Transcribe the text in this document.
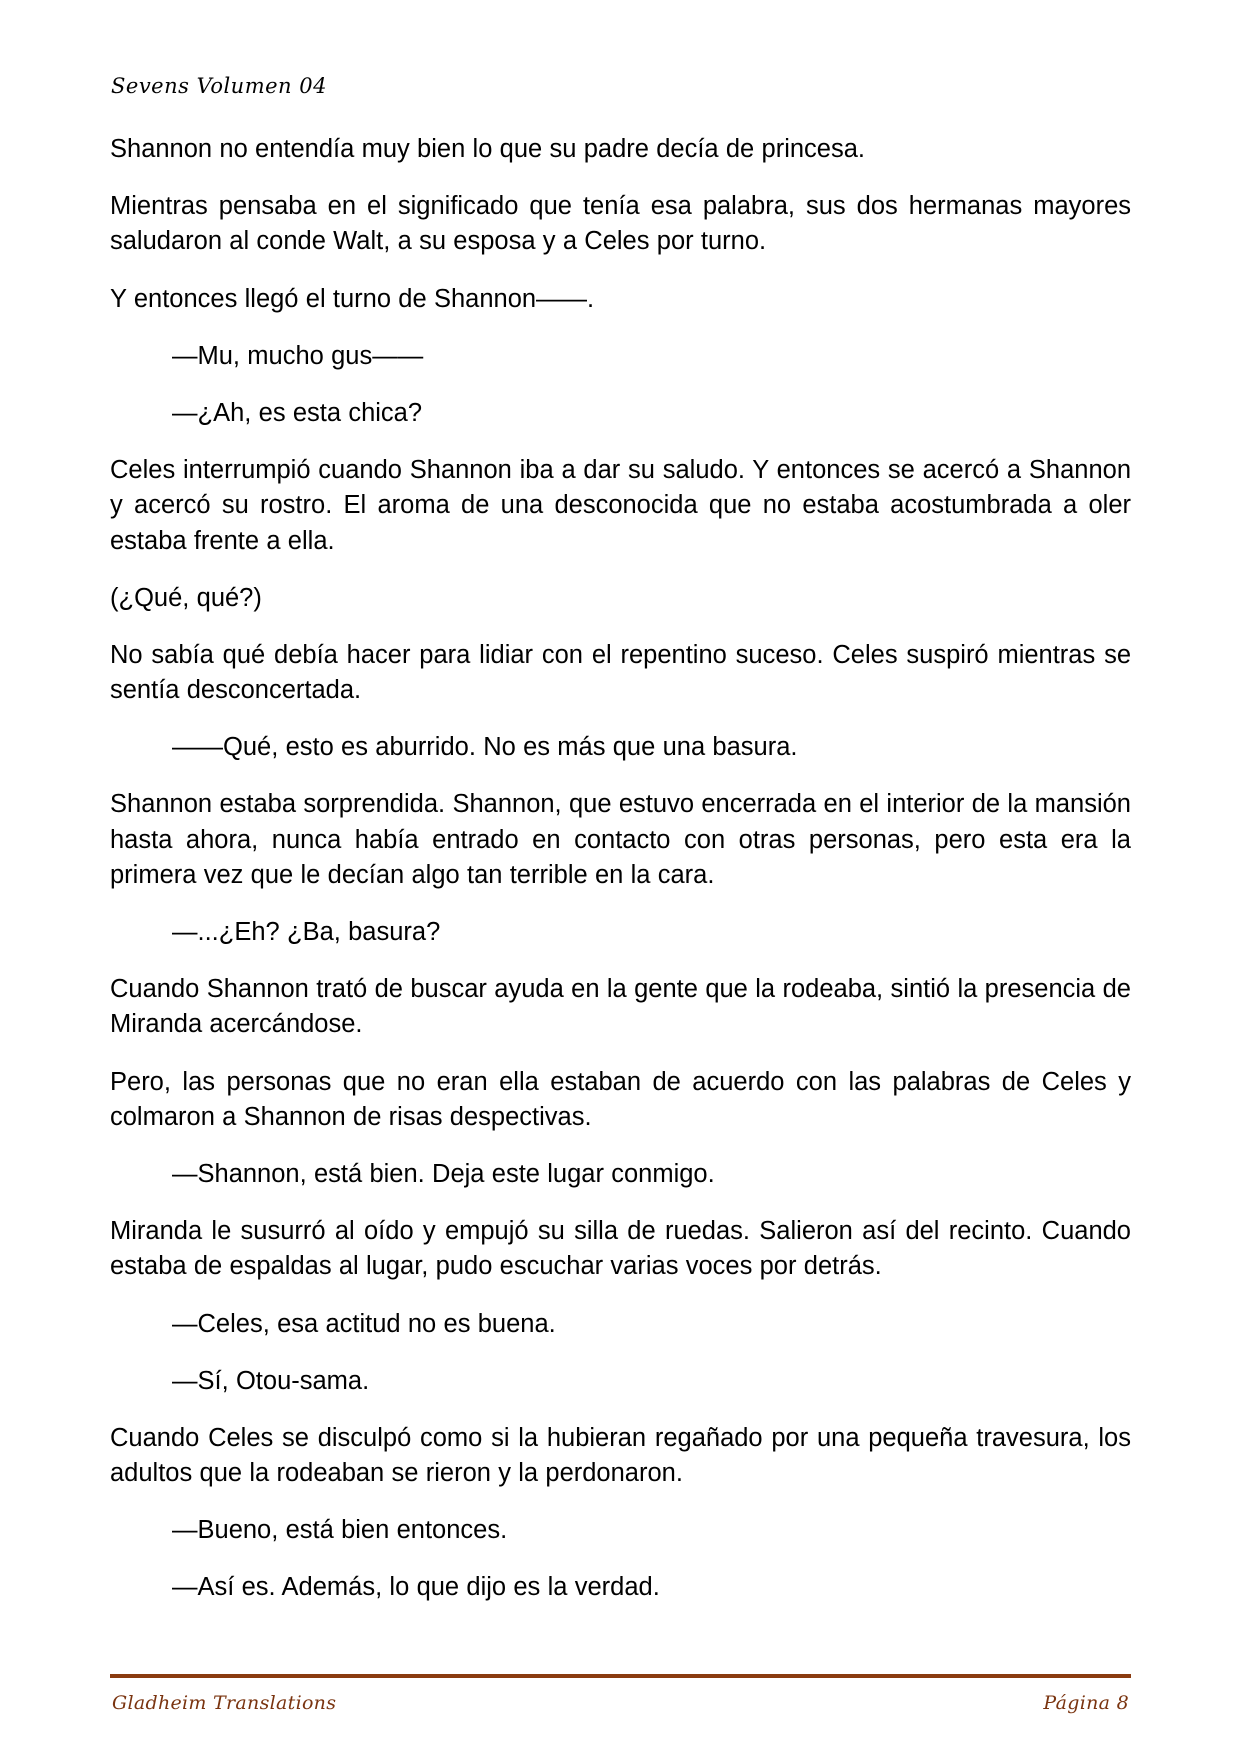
Sevens Volumen 04

Shannon no entendía muy bien lo que su padre decía de princesa.

Mientras pensaba en el significado que tenía esa palabra, sus dos hermanas mayores saludaron al conde Walt, a su esposa y a Celes por turno.

Y entonces llegó el turno de Shannon——.

—Mu, mucho gus——

—¿Ah, es esta chica?

Celes interrumpió cuando Shannon iba a dar su saludo. Y entonces se acercó a Shannon y acercó su rostro. El aroma de una desconocida que no estaba acostumbrada a oler estaba frente a ella.

(¿Qué, qué?)

No sabía qué debía hacer para lidiar con el repentino suceso. Celes suspiró mientras se sentía desconcertada.

——Qué, esto es aburrido. No es más que una basura.

Shannon estaba sorprendida. Shannon, que estuvo encerrada en el interior de la mansión hasta ahora, nunca había entrado en contacto con otras personas, pero esta era la primera vez que le decían algo tan terrible en la cara.

—...¿Eh? ¿Ba, basura?

Cuando Shannon trató de buscar ayuda en la gente que la rodeaba, sintió la presencia de Miranda acercándose.

Pero, las personas que no eran ella estaban de acuerdo con las palabras de Celes y colmaron a Shannon de risas despectivas.

—Shannon, está bien. Deja este lugar conmigo.

Miranda le susurró al oído y empujó su silla de ruedas. Salieron así del recinto. Cuando estaba de espaldas al lugar, pudo escuchar varias voces por detrás.

—Celes, esa actitud no es buena.

—Sí, Otou-sama.

Cuando Celes se disculpó como si la hubieran regañado por una pequeña travesura, los adultos que la rodeaban se rieron y la perdonaron.

—Bueno, está bien entonces.

—Así es. Además, lo que dijo es la verdad.

Gladheim Translations	Página 8
